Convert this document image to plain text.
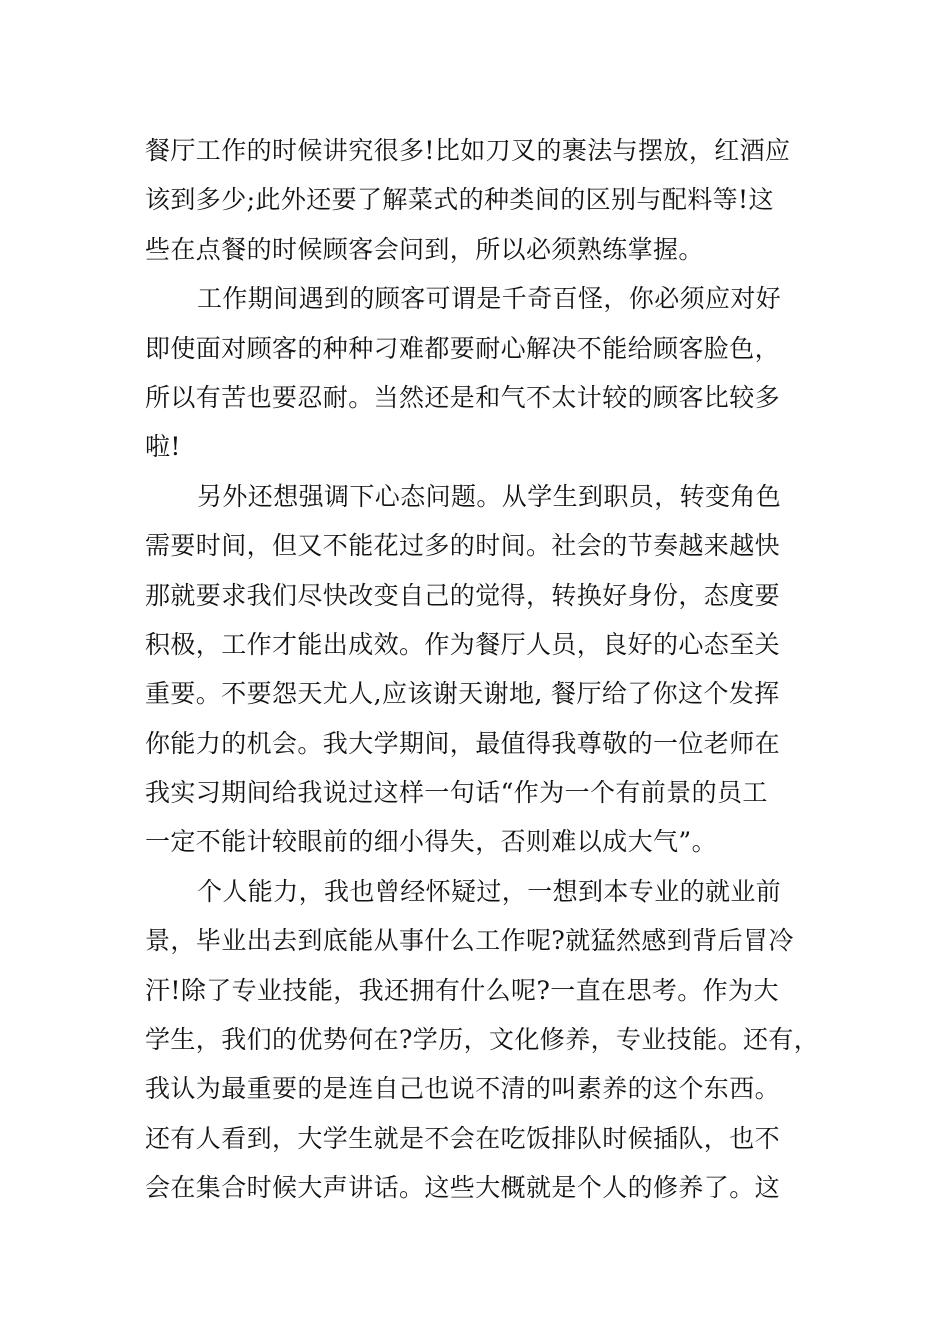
餐厅工作的时候讲究很多!比如刀叉的裹法与摆放，红酒应
该到多少;此外还要了解菜式的种类间的区别与配料等!这
些在点餐的时候顾客会问到，所以必须熟练掌握。
工作期间遇到的顾客可谓是千奇百怪，你必须应对好
即使面对顾客的种种刁难都要耐心解决不能给顾客脸色，
所以有苦也要忍耐。当然还是和气不太计较的顾客比较多
啦!
另外还想强调下心态问题。从学生到职员，转变角色
需要时间，但又不能花过多的时间。社会的节奏越来越快
那就要求我们尽快改变自己的觉得，转换好身份，态度要
积极，工作才能出成效。作为餐厅人员，良好的心态至关
重要。不要怨天尤人,应该谢天谢地, 餐厅给了你这个发挥
你能力的机会。我大学期间，最值得我尊敬的一位老师在
我实习期间给我说过这样一句话“作为一个有前景的员工
一定不能计较眼前的细小得失，否则难以成大气”。
个人能力，我也曾经怀疑过，一想到本专业的就业前
景，毕业出去到底能从事什么工作呢?就猛然感到背后冒冷
汗!除了专业技能，我还拥有什么呢?一直在思考。作为大
学生，我们的优势何在?学历，文化修养，专业技能。还有，
我认为最重要的是连自己也说不清的叫素养的这个东西。
还有人看到，大学生就是不会在吃饭排队时候插队，也不
会在集合时候大声讲话。这些大概就是个人的修养了。这
